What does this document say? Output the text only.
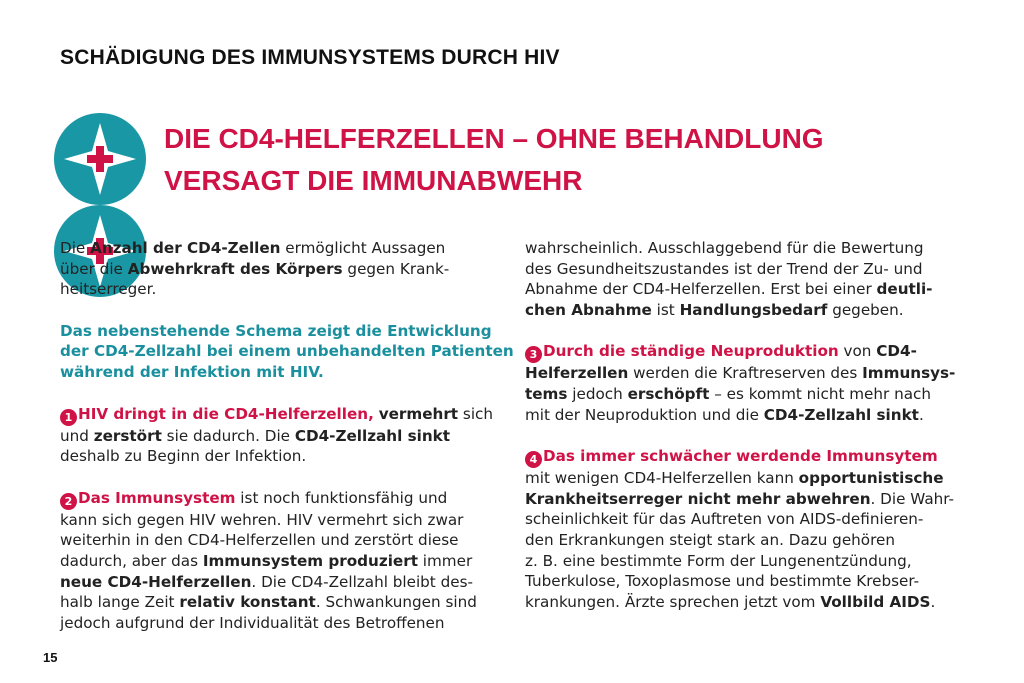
SCHÄDIGUNG DES IMMUNSYSTEMS DURCH HIV
DIE CD4-HELFERZELLEN – OHNE BEHANDLUNG
VERSAGT DIE IMMUNABWEHR

Die Anzahl der CD4-Zellen ermöglicht Aussagen
über die Abwehrkraft des Körpers gegen Krank-
heitserreger.

Das nebenstehende Schema zeigt die Entwicklung
der CD4-Zellzahl bei einem unbehandelten Patienten
während der Infektion mit HIV.

1 HIV dringt in die CD4-Helferzellen, vermehrt sich
und zerstört sie dadurch. Die CD4-Zellzahl sinkt
deshalb zu Beginn der Infektion.

2 Das Immunsystem ist noch funktionsfähig und
kann sich gegen HIV wehren. HIV vermehrt sich zwar
weiterhin in den CD4-Helferzellen und zerstört diese
dadurch, aber das Immunsystem produziert immer
neue CD4-Helferzellen. Die CD4-Zellzahl bleibt des-
halb lange Zeit relativ konstant. Schwankungen sind
jedoch aufgrund der Individualität des Betroffenen

wahrscheinlich. Ausschlaggebend für die Bewertung
des Gesundheitszustandes ist der Trend der Zu- und
Abnahme der CD4-Helferzellen. Erst bei einer deutli-
chen Abnahme ist Handlungsbedarf gegeben.

3 Durch die ständige Neuproduktion von CD4-
Helferzellen werden die Kraftreserven des Immunsys-
tems jedoch erschöpft – es kommt nicht mehr nach
mit der Neuproduktion und die CD4-Zellzahl sinkt.

4 Das immer schwächer werdende Immunsytem
mit wenigen CD4-Helferzellen kann opportunistische
Krankheitserreger nicht mehr abwehren. Die Wahr-
scheinlichkeit für das Auftreten von AIDS-definieren-
den Erkrankungen steigt stark an. Dazu gehören
z. B. eine bestimmte Form der Lungenentzündung,
Tuberkulose, Toxoplasmose und bestimmte Krebser-
krankungen. Ärzte sprechen jetzt vom Vollbild AIDS.

15
